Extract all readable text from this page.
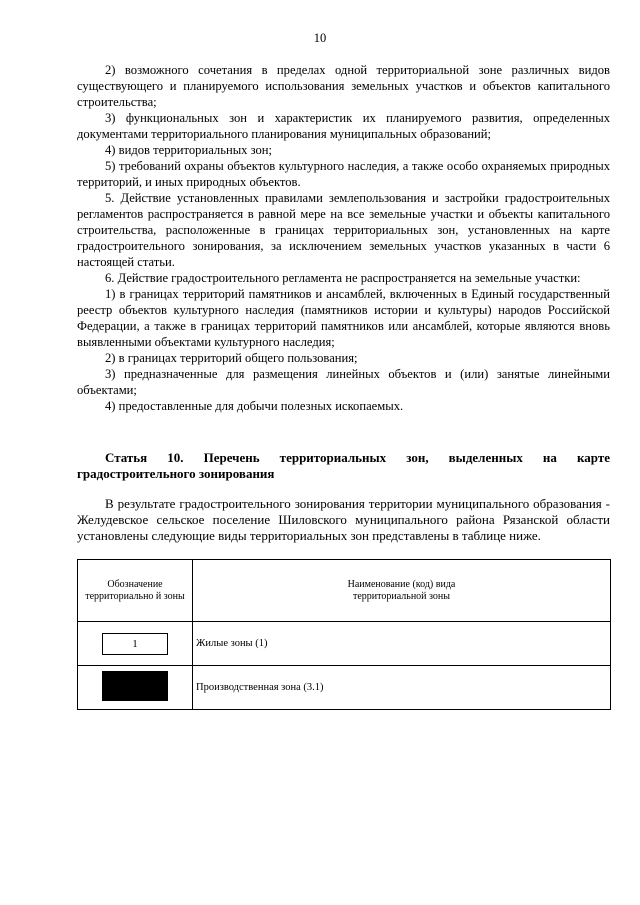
10

2) возможного сочетания в пределах одной территориальной зоне различных видов существующего и планируемого использования земельных участков и объектов капитального строительства;

3) функциональных зон и характеристик их планируемого развития, определенных документами территориального планирования муниципальных образований;

4) видов территориальных зон;

5) требований охраны объектов культурного наследия, а также особо охраняемых природных территорий, и иных природных объектов.

5. Действие установленных правилами землепользования и застройки градостроительных регламентов распространяется в равной мере на все земельные участки и объекты капитального строительства, расположенные в границах территориальных зон, установленных на карте градостроительного зонирования, за исключением земельных участков указанных в части 6 настоящей статьи.

6. Действие градостроительного регламента не распространяется на земельные участки:

1) в границах территорий памятников и ансамблей, включенных в Единый государственный реестр объектов культурного наследия (памятников истории и культуры) народов Российской Федерации, а также в границах территорий памятников или ансамблей, которые являются вновь выявленными объектами культурного наследия;

2) в границах территорий общего пользования;

3) предназначенные для размещения линейных объектов и (или) занятые линейными объектами;

4) предоставленные для добычи полезных ископаемых.

Статья 10. Перечень территориальных зон, выделенных на карте градостроительного зонирования

В результате градостроительного зонирования территории муниципального образования - Желудевское сельское поселение Шиловского муниципального района Рязанской области установлены следующие виды территориальных зон представлены в таблице ниже.

Обозначение территориально й зоны	Наименование (код) вида
территориальной зоны

1	Жилые зоны (1)
	Производственная зона (3.1)
